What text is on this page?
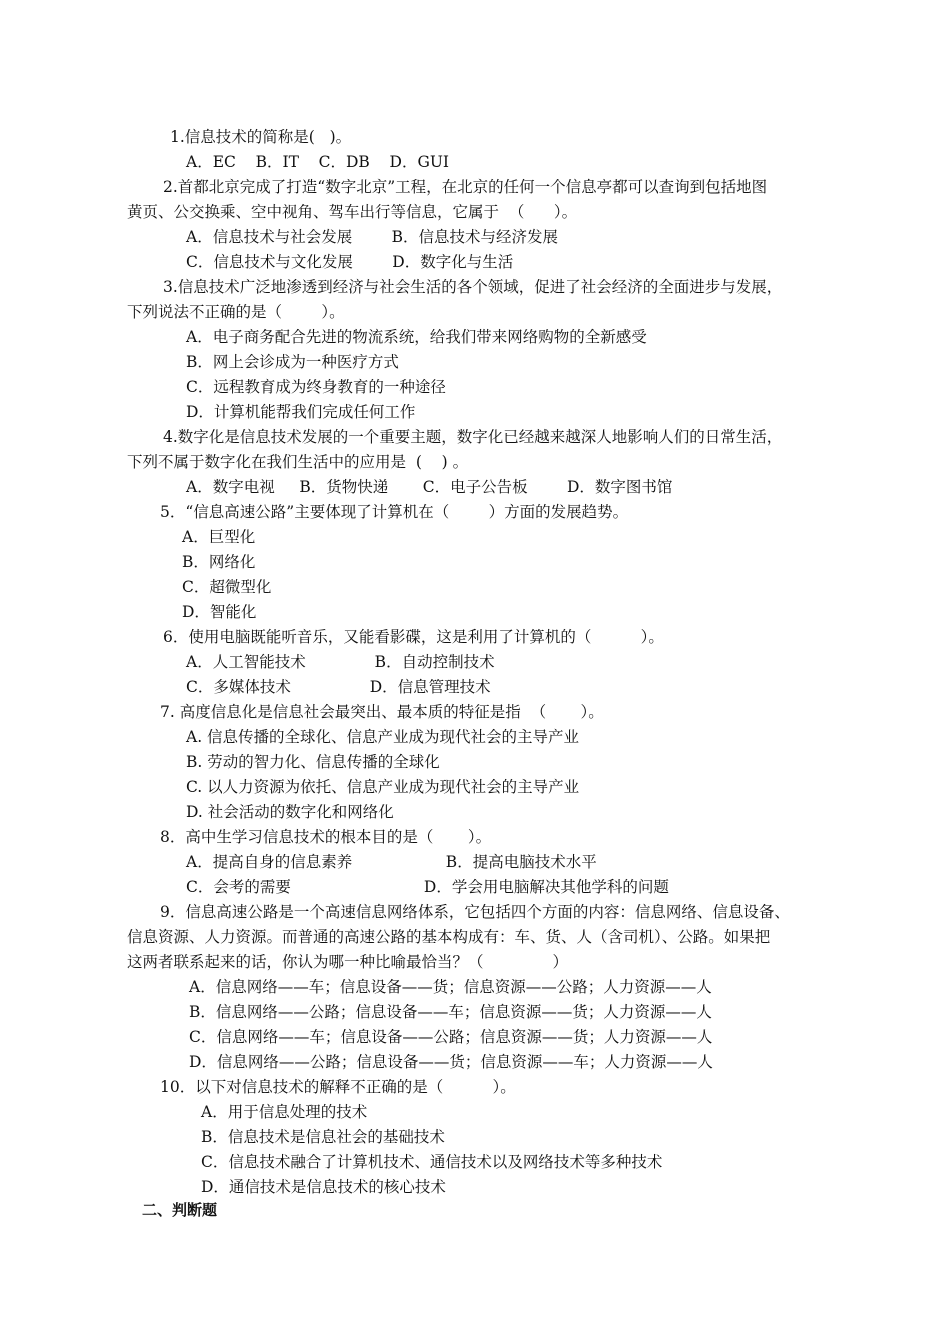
1.信息技术的简称是(   )。
A．EC    B．IT    C．DB    D．GUI
2.首都北京完成了打造“数字北京”工程，在北京的任何一个信息亭都可以查询到包括地图
黄页、公交换乘、空中视角、驾车出行等信息，它属于  （      ）。
A．信息技术与社会发展        B．信息技术与经济发展
C．信息技术与文化发展        D．数字化与生活
3.信息技术广泛地渗透到经济与社会生活的各个领域，促进了社会经济的全面进步与发展，
下列说法不正确的是（        ）。
A．电子商务配合先进的物流系统，给我们带来网络购物的全新感受
B．网上会诊成为一种医疗方式
C．远程教育成为终身教育的一种途径
D．计算机能帮我们完成任何工作
4.数字化是信息技术发展的一个重要主题，数字化已经越来越深人地影响人们的日常生活，
下列不属于数字化在我们生活中的应用是  (    ) 。
A．数字电视     B．货物快递       C．电子公告板        D．数字图书馆
5．“信息高速公路”主要体现了计算机在（        ）方面的发展趋势。
A．巨型化
B．网络化
C．超微型化
D．智能化
6．使用电脑既能听音乐，又能看影碟，这是利用了计算机的（          ）。
A．人工智能技术              B．自动控制技术
C．多媒体技术                D．信息管理技术
7. 高度信息化是信息社会最突出、最本质的特征是指  （       ）。
A. 信息传播的全球化、信息产业成为现代社会的主导产业
B. 劳动的智力化、信息传播的全球化
C. 以人力资源为依托、信息产业成为现代社会的主导产业
D. 社会活动的数字化和网络化
8．高中生学习信息技术的根本目的是（       ）。
A．提高自身的信息素养                   B．提高电脑技术水平
C．会考的需要                           D．学会用电脑解决其他学科的问题
9．信息高速公路是一个高速信息网络体系，它包括四个方面的内容：信息网络、信息设备、
信息资源、人力资源。而普通的高速公路的基本构成有：车、货、人（含司机）、公路。如果把
这两者联系起来的话，你认为哪一种比喻最恰当？（              ）
A．信息网络——车；信息设备——货；信息资源——公路；人力资源——人
B．信息网络——公路；信息设备——车；信息资源——货；人力资源——人
C．信息网络——车；信息设备——公路；信息资源——货；人力资源——人
D．信息网络——公路；信息设备——货；信息资源——车；人力资源——人
10．以下对信息技术的解释不正确的是（          ）。
A．用于信息处理的技术
B．信息技术是信息社会的基础技术
C．信息技术融合了计算机技术、通信技术以及网络技术等多种技术
D．通信技术是信息技术的核心技术
二、判断题
